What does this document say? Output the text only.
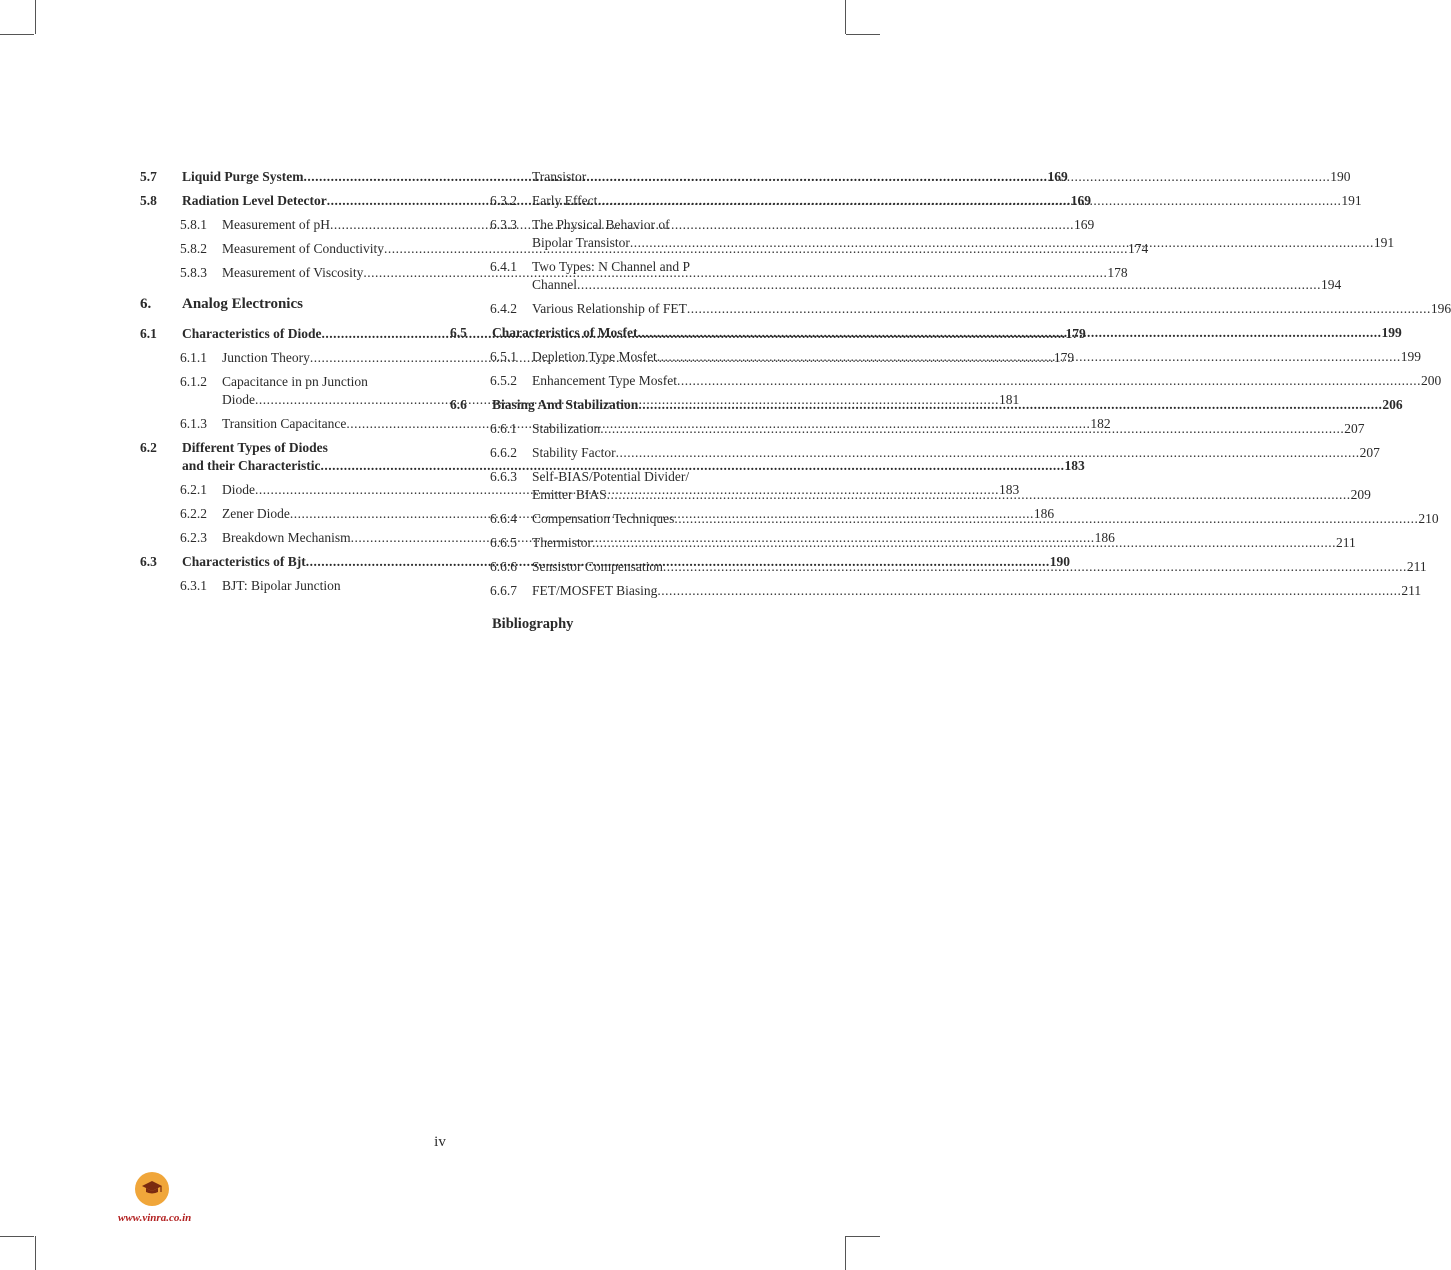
5.7	Liquid Purge System .....	169
5.8	Radiation Level Detector .....	169
5.8.1	Measurement of pH .....	169
5.8.2	Measurement of Conductivity .....	174
5.8.3	Measurement of Viscosity .....	178
6.	Analog Electronics
6.1	Characteristics of Diode .....	179
6.1.1	Junction Theory .....	179
6.1.2	Capacitance in pn Junction
Diode .....	181
6.1.3	Transition Capacitance .....	182
6.2	Different Types of Diodes
and their Characteristic .....	183
6.2.1	Diode .....	183
6.2.2	Zener Diode .....	186
6.2.3	Breakdown Mechanism .....	186
6.3	Characteristics of Bjt .....	190
6.3.1	BJT: Bipolar Junction
Transistor .....	190
6.3.2	Early Effect .....	191
6.3.3	The Physical Behavior of
Bipolar Transistor .....	191
6.4.1	Two Types: N Channel and P
Channel .....	194
6.4.2	Various Relationship of FET .....	196
6.5	Characteristics of Mosfet .....	199
6.5.1	Depletion Type Mosfet .....	199
6.5.2	Enhancement Type Mosfet .....	200
6.6	Biasing And Stabilization .....	206
6.6.1	Stabilization .....	207
6.6.2	Stability Factor .....	207
6.6.3	Self-BIAS/Potential Divider/
Emitter BIAS .....	209
6.6.4	Compensation Techniques .....	210
6.6.5	Thermistor .....	211
6.6.6	Sensistor Compensation .....	211
6.6.7	FET/MOSFET Biasing .....	211
Bibliography
iv
www.vinra.co.in
